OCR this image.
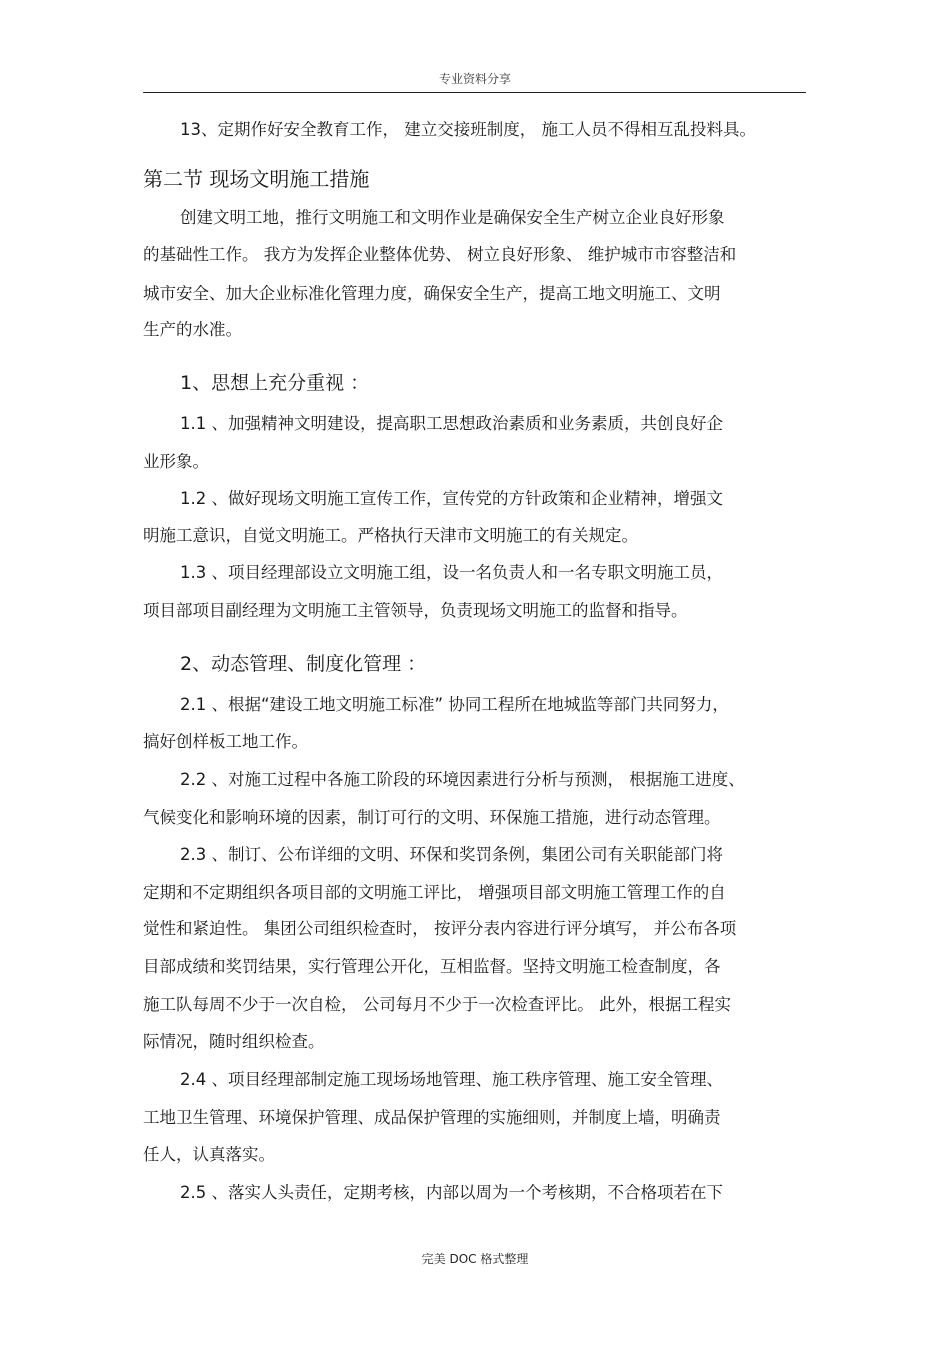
专业资料分享
13、定期作好安全教育工作， 建立交接班制度， 施工人员不得相互乱投料具。
第二节 现场文明施工措施
创建文明工地，推行文明施工和文明作业是确保安全生产树立企业良好形象
的基础性工作。 我方为发挥企业整体优势、 树立良好形象、 维护城市市容整洁和
城市安全、加大企业标准化管理力度，确保安全生产，提高工地文明施工、文明
生产的水准。
1、思想上充分重视 ：
1.1 、加强精神文明建设，提高职工思想政治素质和业务素质，共创良好企
业形象。
1.2 、做好现场文明施工宣传工作，宣传党的方针政策和企业精神，增强文
明施工意识，自觉文明施工。严格执行天津市文明施工的有关规定。
1.3 、项目经理部设立文明施工组，设一名负责人和一名专职文明施工员，
项目部项目副经理为文明施工主管领导，负责现场文明施工的监督和指导。
2、动态管理、制度化管理 ：
2.1 、根据“建设工地文明施工标准” 协同工程所在地城监等部门共同努力，
搞好创样板工地工作。
2.2 、对施工过程中各施工阶段的环境因素进行分析与预测， 根据施工进度、
气候变化和影响环境的因素，制订可行的文明、环保施工措施，进行动态管理。
2.3 、制订、公布详细的文明、环保和奖罚条例，集团公司有关职能部门将
定期和不定期组织各项目部的文明施工评比， 增强项目部文明施工管理工作的自
觉性和紧迫性。 集团公司组织检查时， 按评分表内容进行评分填写， 并公布各项
目部成绩和奖罚结果，实行管理公开化，互相监督。坚持文明施工检查制度，各
施工队每周不少于一次自检， 公司每月不少于一次检查评比。 此外，根据工程实
际情况，随时组织检查。
2.4 、项目经理部制定施工现场场地管理、施工秩序管理、施工安全管理、
工地卫生管理、环境保护管理、成品保护管理的实施细则，并制度上墙，明确责
任人，认真落实。
2.5 、落实人头责任，定期考核，内部以周为一个考核期，不合格项若在下
完美 DOC 格式整理
